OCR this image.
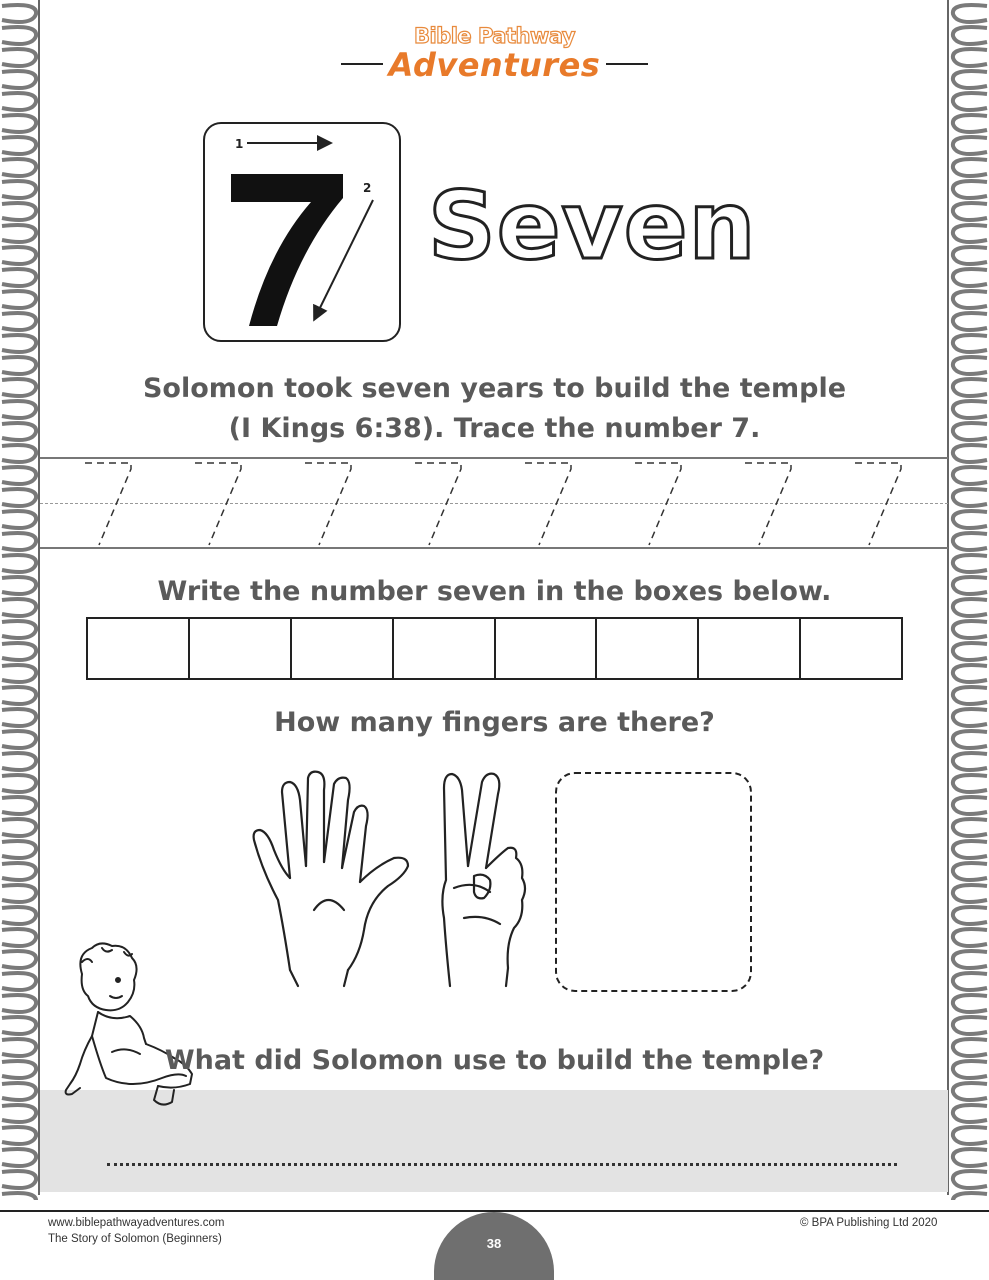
Bible Pathway
Adventures
1
2 Seven
Solomon took seven years to build the temple
(I Kings 6:38). Trace the number 7.
Write the number seven in the boxes below.
How many fingers are there?
What did Solomon use to build the temple?
www.biblepathwayadventures.com
The Story of Solomon (Beginners)
© BPA Publishing Ltd 2020
38
